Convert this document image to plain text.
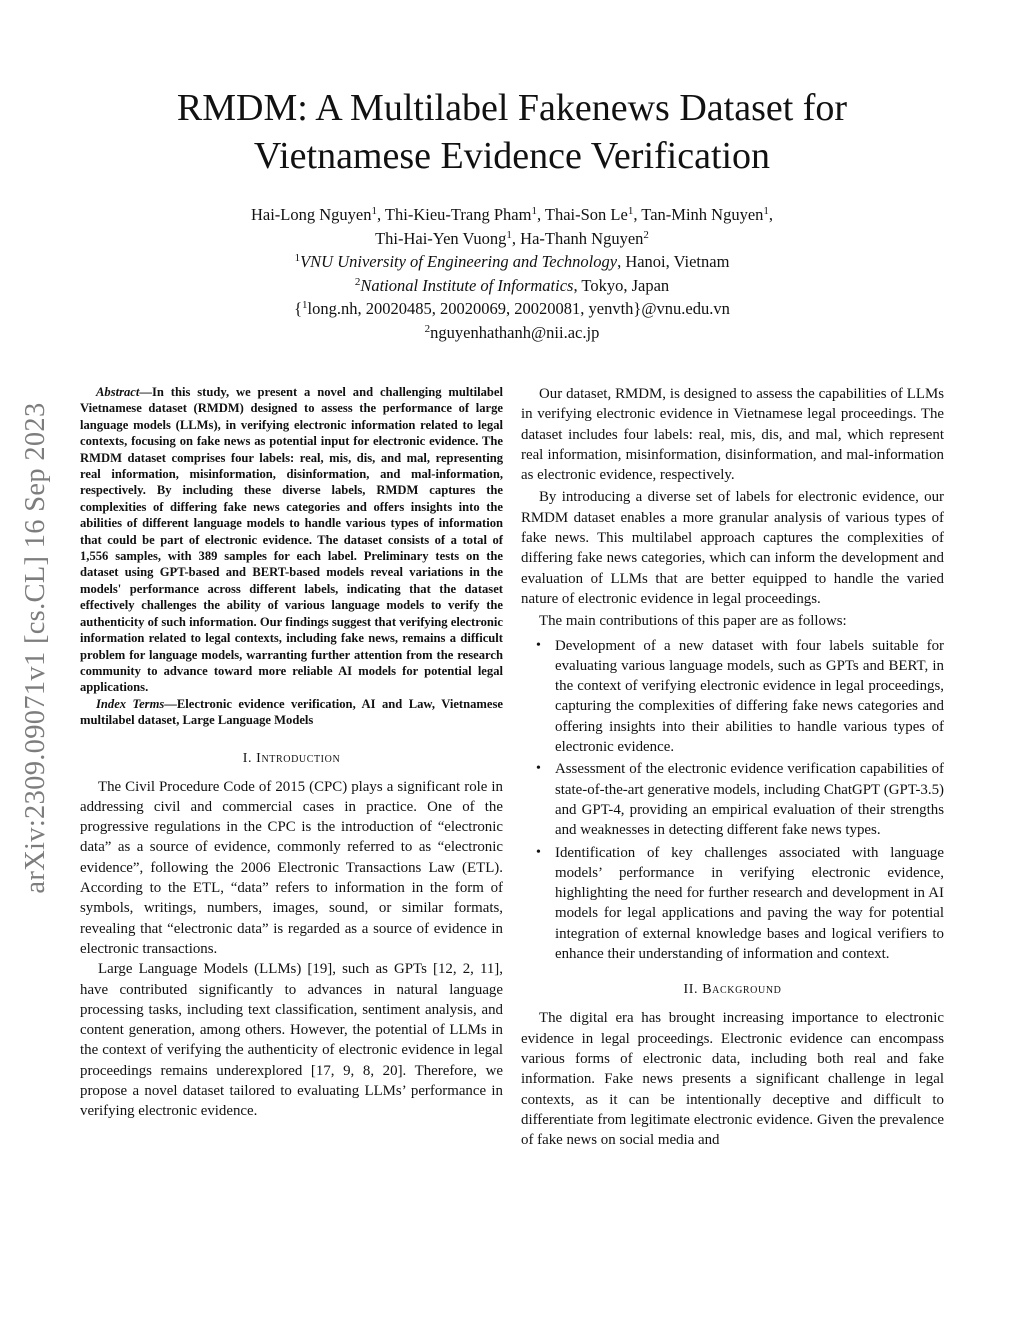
arXiv:2309.09071v1 [cs.CL] 16 Sep 2023
RMDM: A Multilabel Fakenews Dataset for
Vietnamese Evidence Verification
Hai-Long Nguyen$^1$, Thi-Kieu-Trang Pham$^1$, Thai-Son Le$^1$, Tan-Minh Nguyen$^1$,
Thi-Hai-Yen Vuong$^1$, Ha-Thanh Nguyen$^2$
$^1$VNU University of Engineering and Technology, Hanoi, Vietnam
$^2$National Institute of Informatics, Tokyo, Japan
{$^1$long.nh, 20020485, 20020069, 20020081, yenvth}@vnu.edu.vn
$^2$nguyenhathanh@nii.ac.jp

Abstract—In this study, we present a novel and challenging multilabel Vietnamese dataset (RMDM) designed to assess the performance of large language models (LLMs), in verifying electronic information related to legal contexts, focusing on fake news as potential input for electronic evidence. The RMDM dataset comprises four labels: real, mis, dis, and mal, representing real information, misinformation, disinformation, and mal-information, respectively. By including these diverse labels, RMDM captures the complexities of differing fake news categories and offers insights into the abilities of different language models to handle various types of information that could be part of electronic evidence. The dataset consists of a total of 1,556 samples, with 389 samples for each label. Preliminary tests on the dataset using GPT-based and BERT-based models reveal variations in the models' performance across different labels, indicating that the dataset effectively challenges the ability of various language models to verify the authenticity of such information. Our findings suggest that verifying electronic information related to legal contexts, including fake news, remains a difficult problem for language models, warranting further attention from the research community to advance toward more reliable AI models for potential legal applications.

Index Terms—Electronic evidence verification, AI and Law, Vietnamese multilabel dataset, Large Language Models

I. Introduction

The Civil Procedure Code of 2015 (CPC) plays a significant role in addressing civil and commercial cases in practice. One of the progressive regulations in the CPC is the introduction of “electronic data” as a source of evidence, commonly referred to as “electronic evidence”, following the 2006 Electronic Transactions Law (ETL). According to the ETL, “data” refers to information in the form of symbols, writings, numbers, images, sound, or similar formats, revealing that “electronic data” is regarded as a source of evidence in electronic transactions.

Large Language Models (LLMs) [19], such as GPTs [12, 2, 11], have contributed significantly to advances in natural language processing tasks, including text classification, sentiment analysis, and content generation, among others. However, the potential of LLMs in the context of verifying the authenticity of electronic evidence in legal proceedings remains underexplored [17, 9, 8, 20]. Therefore, we propose a novel dataset tailored to evaluating LLMs’ performance in verifying electronic evidence.

Our dataset, RMDM, is designed to assess the capabilities of LLMs in verifying electronic evidence in Vietnamese legal proceedings. The dataset includes four labels: real, mis, dis, and mal, which represent real information, misinformation, disinformation, and mal-information as electronic evidence, respectively.

By introducing a diverse set of labels for electronic evidence, our RMDM dataset enables a more granular analysis of various types of fake news. This multilabel approach captures the complexities of differing fake news categories, which can inform the development and evaluation of LLMs that are better equipped to handle the varied nature of electronic evidence in legal proceedings.

The main contributions of this paper are as follows:

• Development of a new dataset with four labels suitable for evaluating various language models, such as GPTs and BERT, in the context of verifying electronic evidence in legal proceedings, capturing the complexities of differing fake news categories and offering insights into their abilities to handle various types of electronic evidence.
• Assessment of the electronic evidence verification capabilities of state-of-the-art generative models, including ChatGPT (GPT-3.5) and GPT-4, providing an empirical evaluation of their strengths and weaknesses in detecting different fake news types.
• Identification of key challenges associated with language models’ performance in verifying electronic evidence, highlighting the need for further research and development in AI models for legal applications and paving the way for potential integration of external knowledge bases and logical verifiers to enhance their understanding of information and context.
II. Background

The digital era has brought increasing importance to electronic evidence in legal proceedings. Electronic evidence can encompass various forms of electronic data, including both real and fake information. Fake news presents a significant challenge in legal contexts, as it can be intentionally deceptive and difficult to differentiate from legitimate electronic evidence. Given the prevalence of fake news on social media and
